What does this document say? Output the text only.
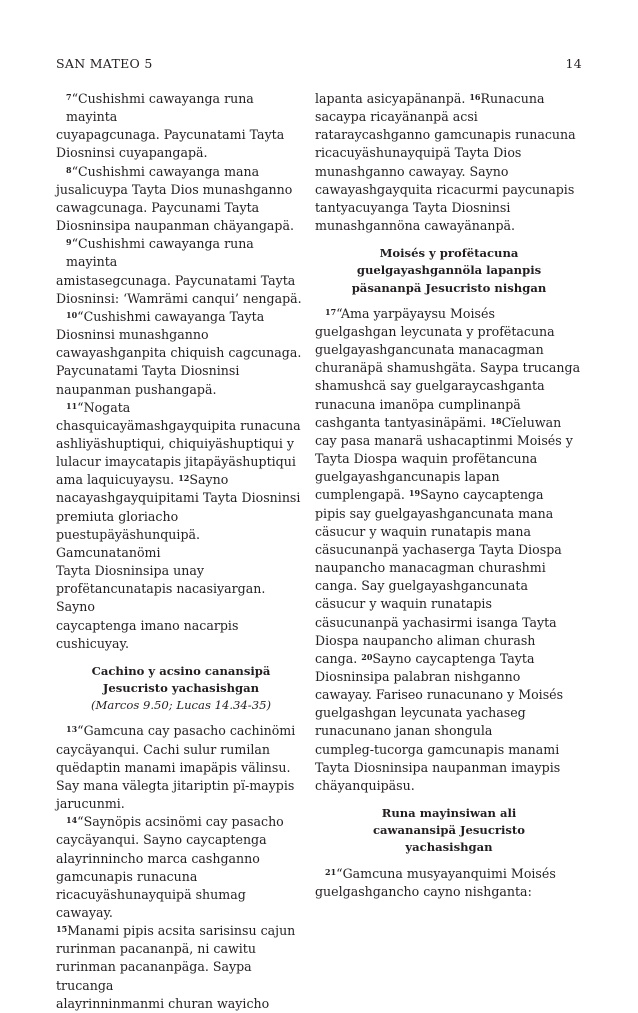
SAN MATEO 5	14

$^7$“Cushishmi cawayanga runa mayinta
cuyapagcunaga. Paycunatami Tayta
Diosninsi cuyapangapä.

$^8$“Cushishmi cawayanga mana
jusalicuypa Tayta Dios munashganno
cawagcunaga. Paycunami Tayta
Diosninsipa naupanman chäyangapä.

$^9$“Cushishmi cawayanga runa mayinta
amistasegcunaga. Paycunatami Tayta
Diosninsi: ‘Wamrämi canqui’ nengapä.

$^{10}$“Cushishmi cawayanga Tayta
Diosninsi munashganno
cawayashganpita chiquish cagcunaga.
Paycunatami Tayta Diosninsi
naupanman pushangapä.

$^{11}$“Nogata
chasquicayämashgayquipita runacuna
ashliyäshuptiqui, chiquiyäshuptiqui y
lulacur imaycatapis jitapäyäshuptiqui
ama laquicuyaysu. $^{12}$Sayno
nacayashgayquipitami Tayta Diosninsi
premiuta gloriacho
puestupäyäshunquipä. Gamcunatanömi
Tayta Diosninsipa unay
profëtancunatapis nacasiyargan. Sayno
caycaptenga imano nacarpis
cushicuyay.

Cachino y acsino canansipä
Jesucristo yachasishgan
(Marcos 9.50; Lucas 14.34-35)

$^{13}$“Gamcuna cay pasacho cachinömi
caycäyanqui. Cachi sulur rumilan
quëdaptin manami imapäpis välinsu.
Say mana välegta jitariptin pï-maypis
jarucunmi.

$^{14}$“Saynöpis acsinömi cay pasacho
caycäyanqui. Sayno caycaptenga
alayrinnincho marca cashganno
gamcunapis runacuna
ricacuyäshunayquipä shumag cawayay.
$^{15}$Manami pipis acsita sarisinsu cajun
rurinman pacananpä, ni cawitu
rurinman pacananpäga. Saypa trucanga
alayrinninmanmi churan wayicho

lapanta asicyapänanpä. $^{16}$Runacuna
sacaypa ricayänanpä acsi
rataraycashganno gamcunapis runacuna
ricacuyäshunayquipä Tayta Dios
munashganno cawayay. Sayno
cawayashgayquita ricacurmi paycunapis
tantyacuyanga Tayta Diosninsi
munashgannöna cawayänanpä.

Moisés y profëtacuna
guelgayashgannöla lapanpis
päsananpä Jesucristo nishgan

$^{17}$“Ama yarpäyaysu Moisés
guelgashgan leycunata y profëtacuna
guelgayashgancunata manacagman
churanäpä shamushgäta. Saypa trucanga
shamushcä say guelgaraycashganta
runacuna imanöpa cumplinanpä
cashganta tantyasinäpämi. $^{18}$Cïeluwan
cay pasa manarä ushacaptinmi Moisés y
Tayta Diospa waquin profëtancuna
guelgayashgancunapis lapan
cumplengapä. $^{19}$Sayno caycaptenga
pipis say guelgayashgancunata mana
cäsucur y waquin runatapis mana
cäsucunanpä yachaserga Tayta Diospa
naupancho manacagman churashmi
canga. Say guelgayashgancunata
cäsucur y waquin runatapis
cäsucunanpä yachasirmi isanga Tayta
Diospa naupancho aliman churash
canga. $^{20}$Sayno caycaptenga Tayta
Diosninsipa palabran nishganno
cawayay. Fariseo runacunano y Moisés
guelgashgan leycunata yachaseg
runacunano janan shongula
cumpleg-tucorga gamcunapis manami
Tayta Diosninsipa naupanman imaypis
chäyanquipäsu.

Runa mayinsiwan ali
cawanansipä Jesucristo
yachasishgan

$^{21}$“Gamcuna musyayanquimi Moisés
guelgashgancho cayno nishganta:
